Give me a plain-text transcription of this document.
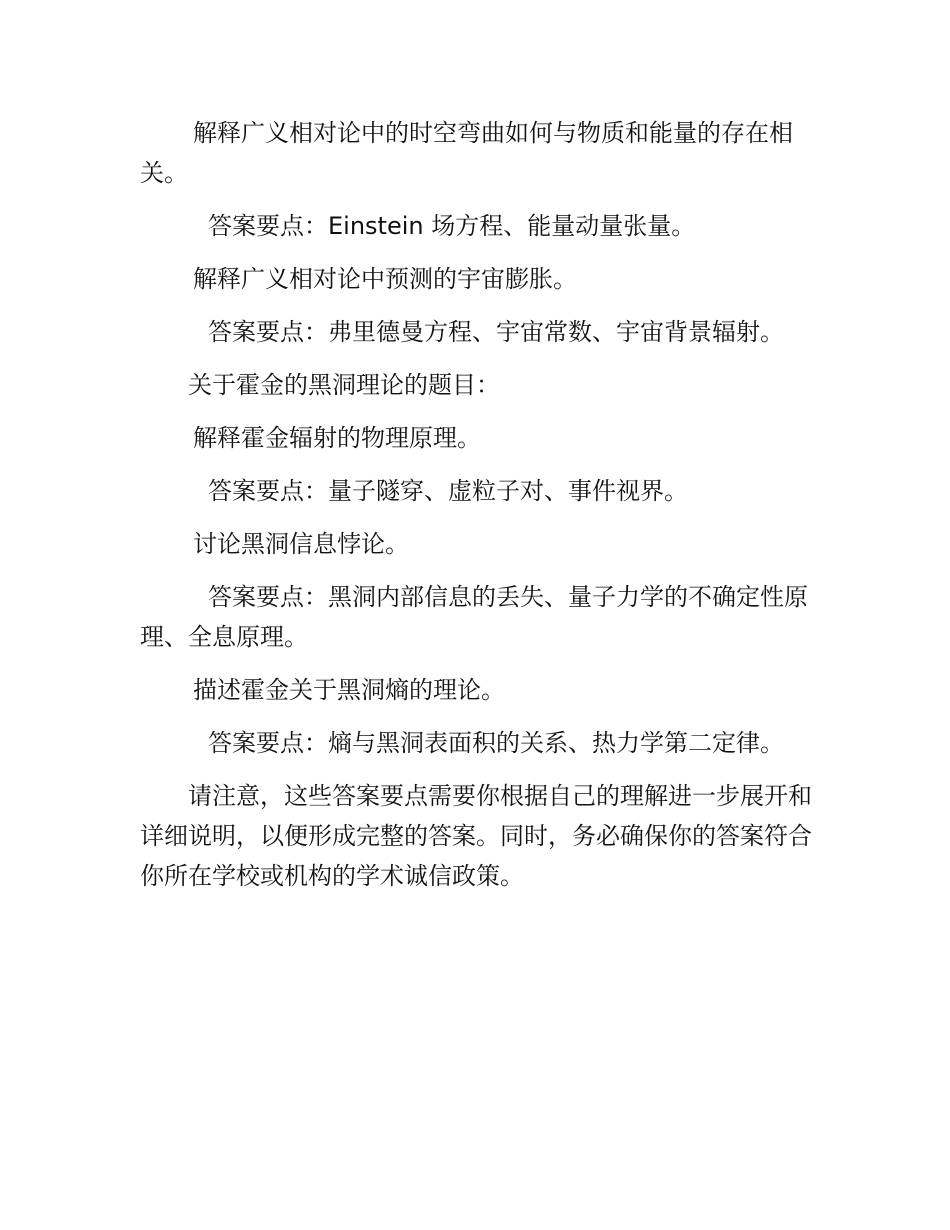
解释广义相对论中的时空弯曲如何与物质和能量的存在相关。

答案要点：Einstein 场方程、能量动量张量。

解释广义相对论中预测的宇宙膨胀。

答案要点：弗里德曼方程、宇宙常数、宇宙背景辐射。

关于霍金的黑洞理论的题目：

解释霍金辐射的物理原理。

答案要点：量子隧穿、虚粒子对、事件视界。

讨论黑洞信息悖论。

答案要点：黑洞内部信息的丢失、量子力学的不确定性原理、全息原理。

描述霍金关于黑洞熵的理论。

答案要点：熵与黑洞表面积的关系、热力学第二定律。

请注意，这些答案要点需要你根据自己的理解进一步展开和详细说明，以便形成完整的答案。同时，务必确保你的答案符合你所在学校或机构的学术诚信政策。
